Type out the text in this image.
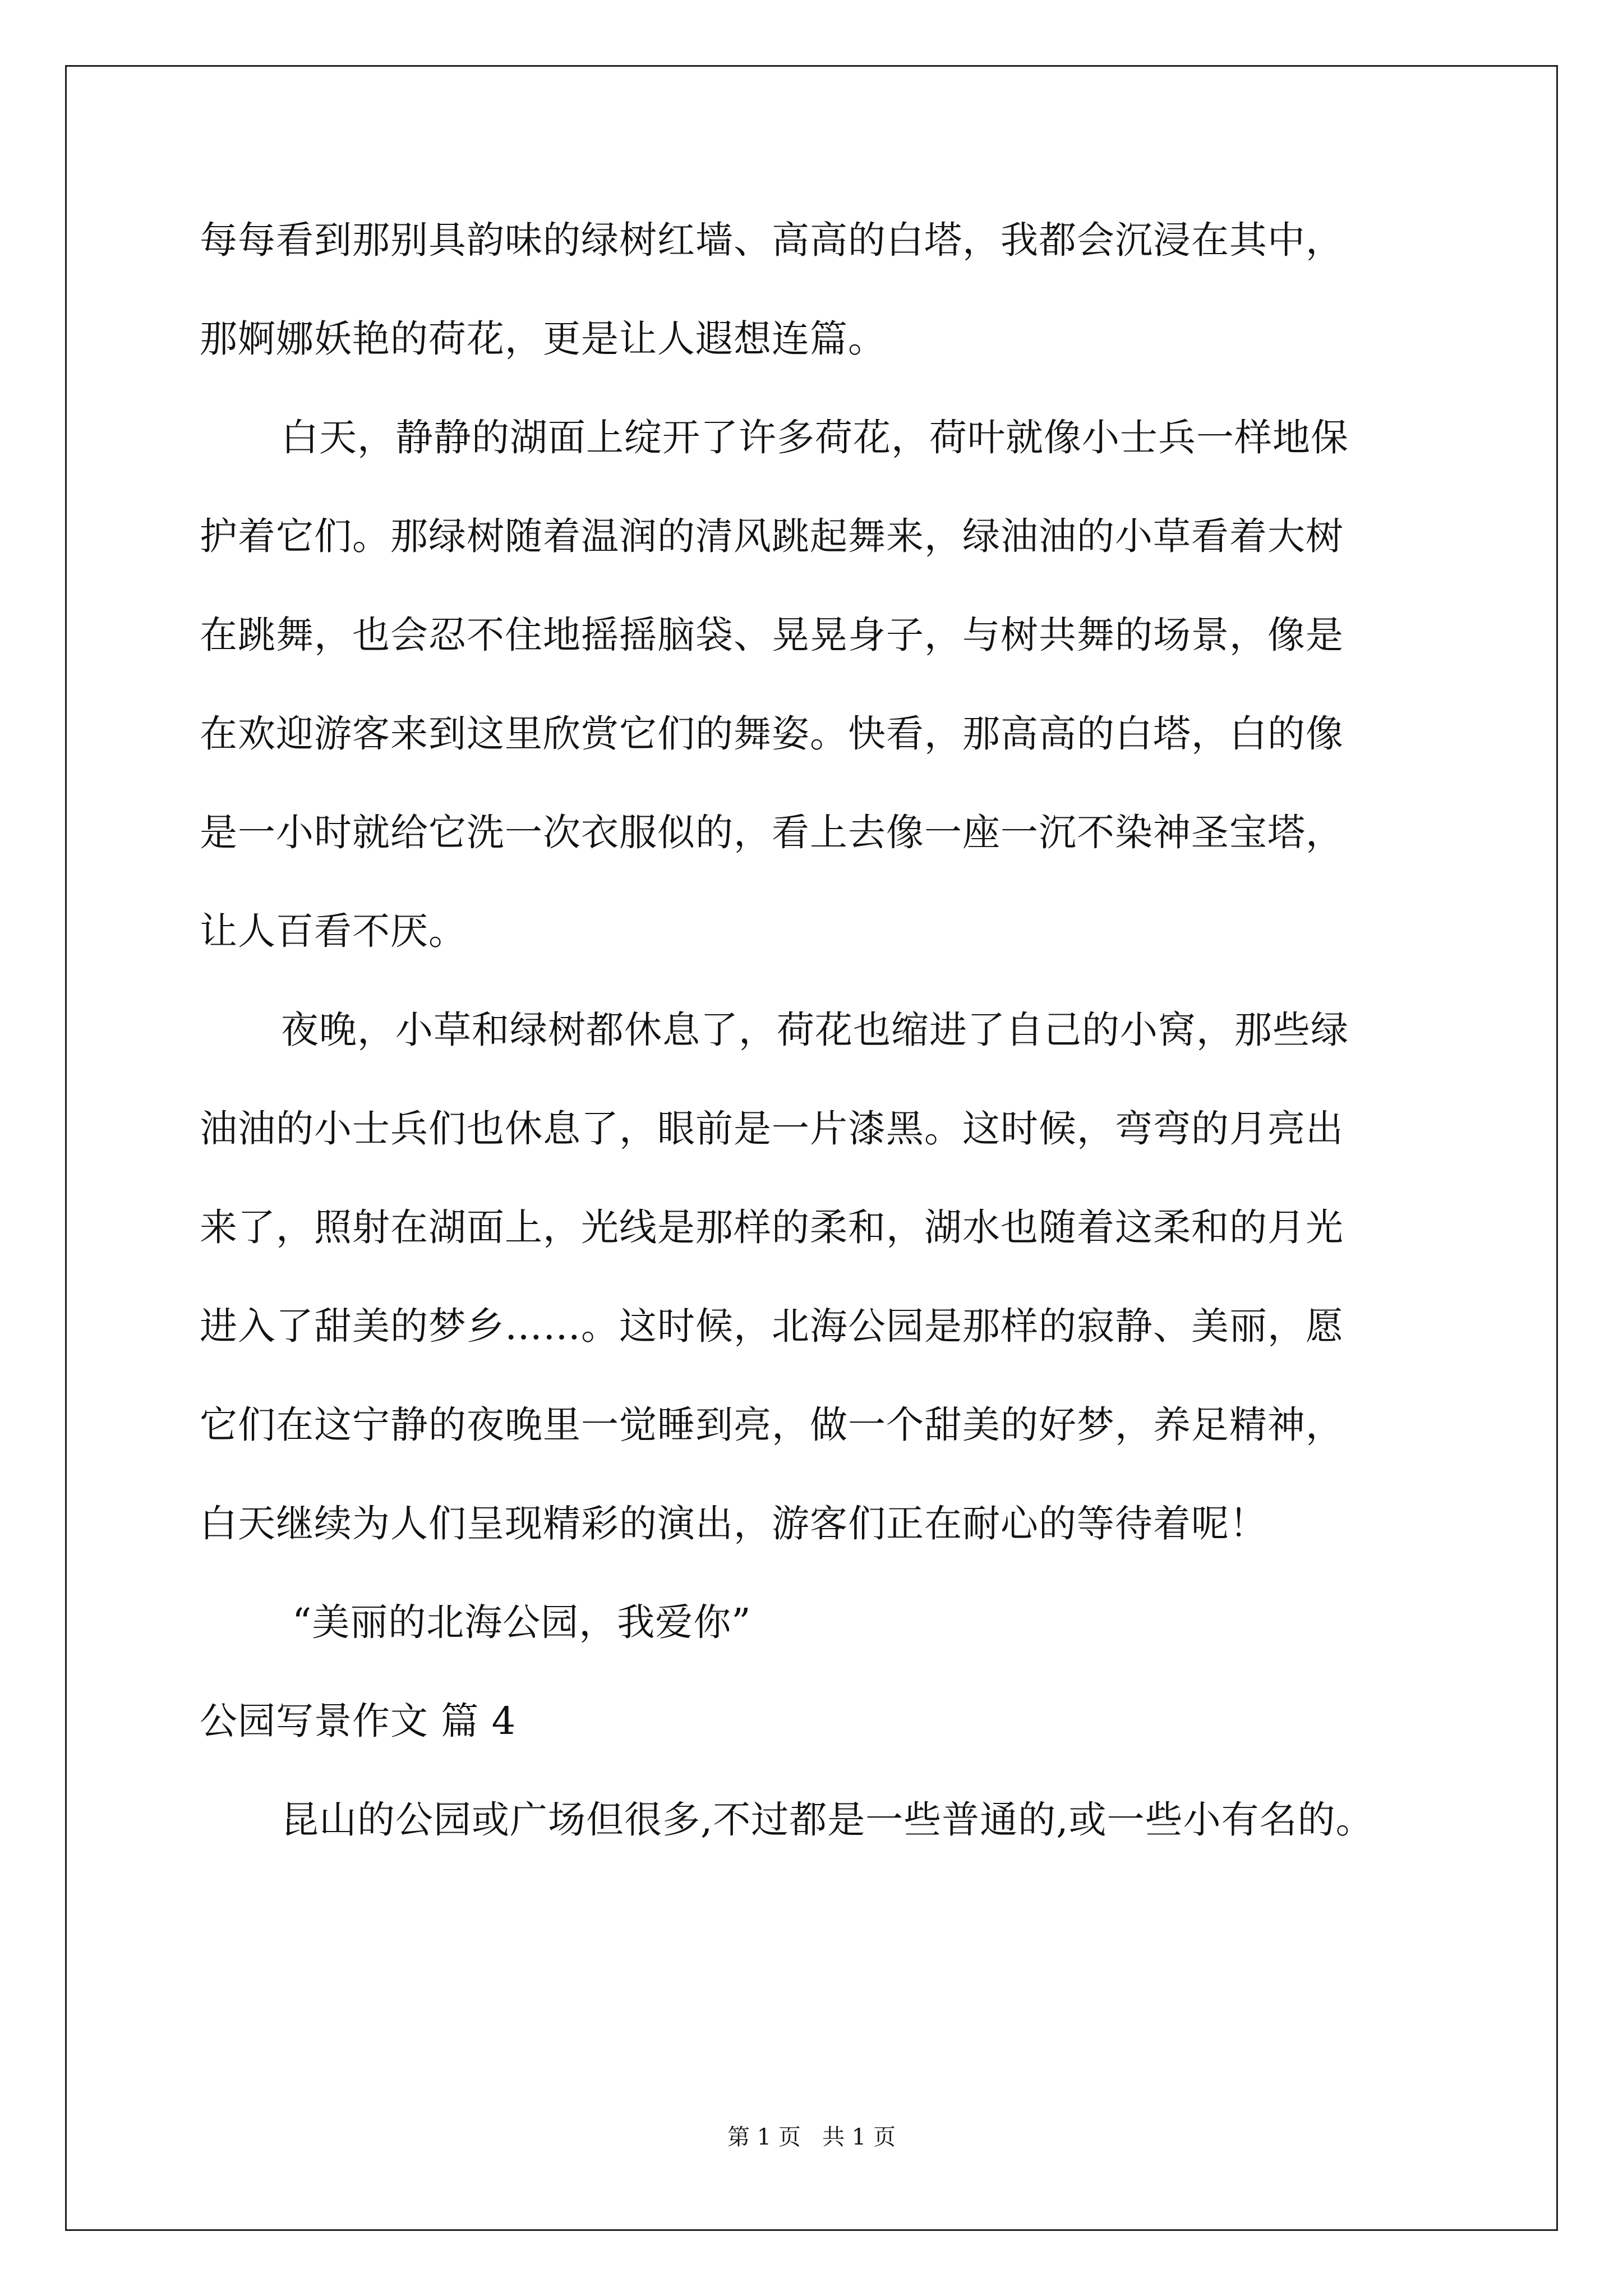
每每看到那别具韵味的绿树红墙、高高的白塔，我都会沉浸在其中，
那婀娜妖艳的荷花，更是让人遐想连篇。
白天，静静的湖面上绽开了许多荷花，荷叶就像小士兵一样地保
护着它们。那绿树随着温润的清风跳起舞来，绿油油的小草看着大树
在跳舞，也会忍不住地摇摇脑袋、晃晃身子，与树共舞的场景，像是
在欢迎游客来到这里欣赏它们的舞姿。快看，那高高的白塔，白的像
是一小时就给它洗一次衣服似的，看上去像一座一沉不染神圣宝塔，
让人百看不厌。
夜晚，小草和绿树都休息了，荷花也缩进了自己的小窝，那些绿
油油的小士兵们也休息了，眼前是一片漆黑。这时候，弯弯的月亮出
来了，照射在湖面上，光线是那样的柔和，湖水也随着这柔和的月光
进入了甜美的梦乡……。这时候，北海公园是那样的寂静、美丽，愿
它们在这宁静的夜晚里一觉睡到亮，做一个甜美的好梦，养足精神，
白天继续为人们呈现精彩的演出，游客们正在耐心的等待着呢！
“美丽的北海公园，我爱你”
公园写景作文 篇 4
昆山的公园或广场但很多,不过都是一些普通的,或一些小有名的。
第 1 页   共 1 页
